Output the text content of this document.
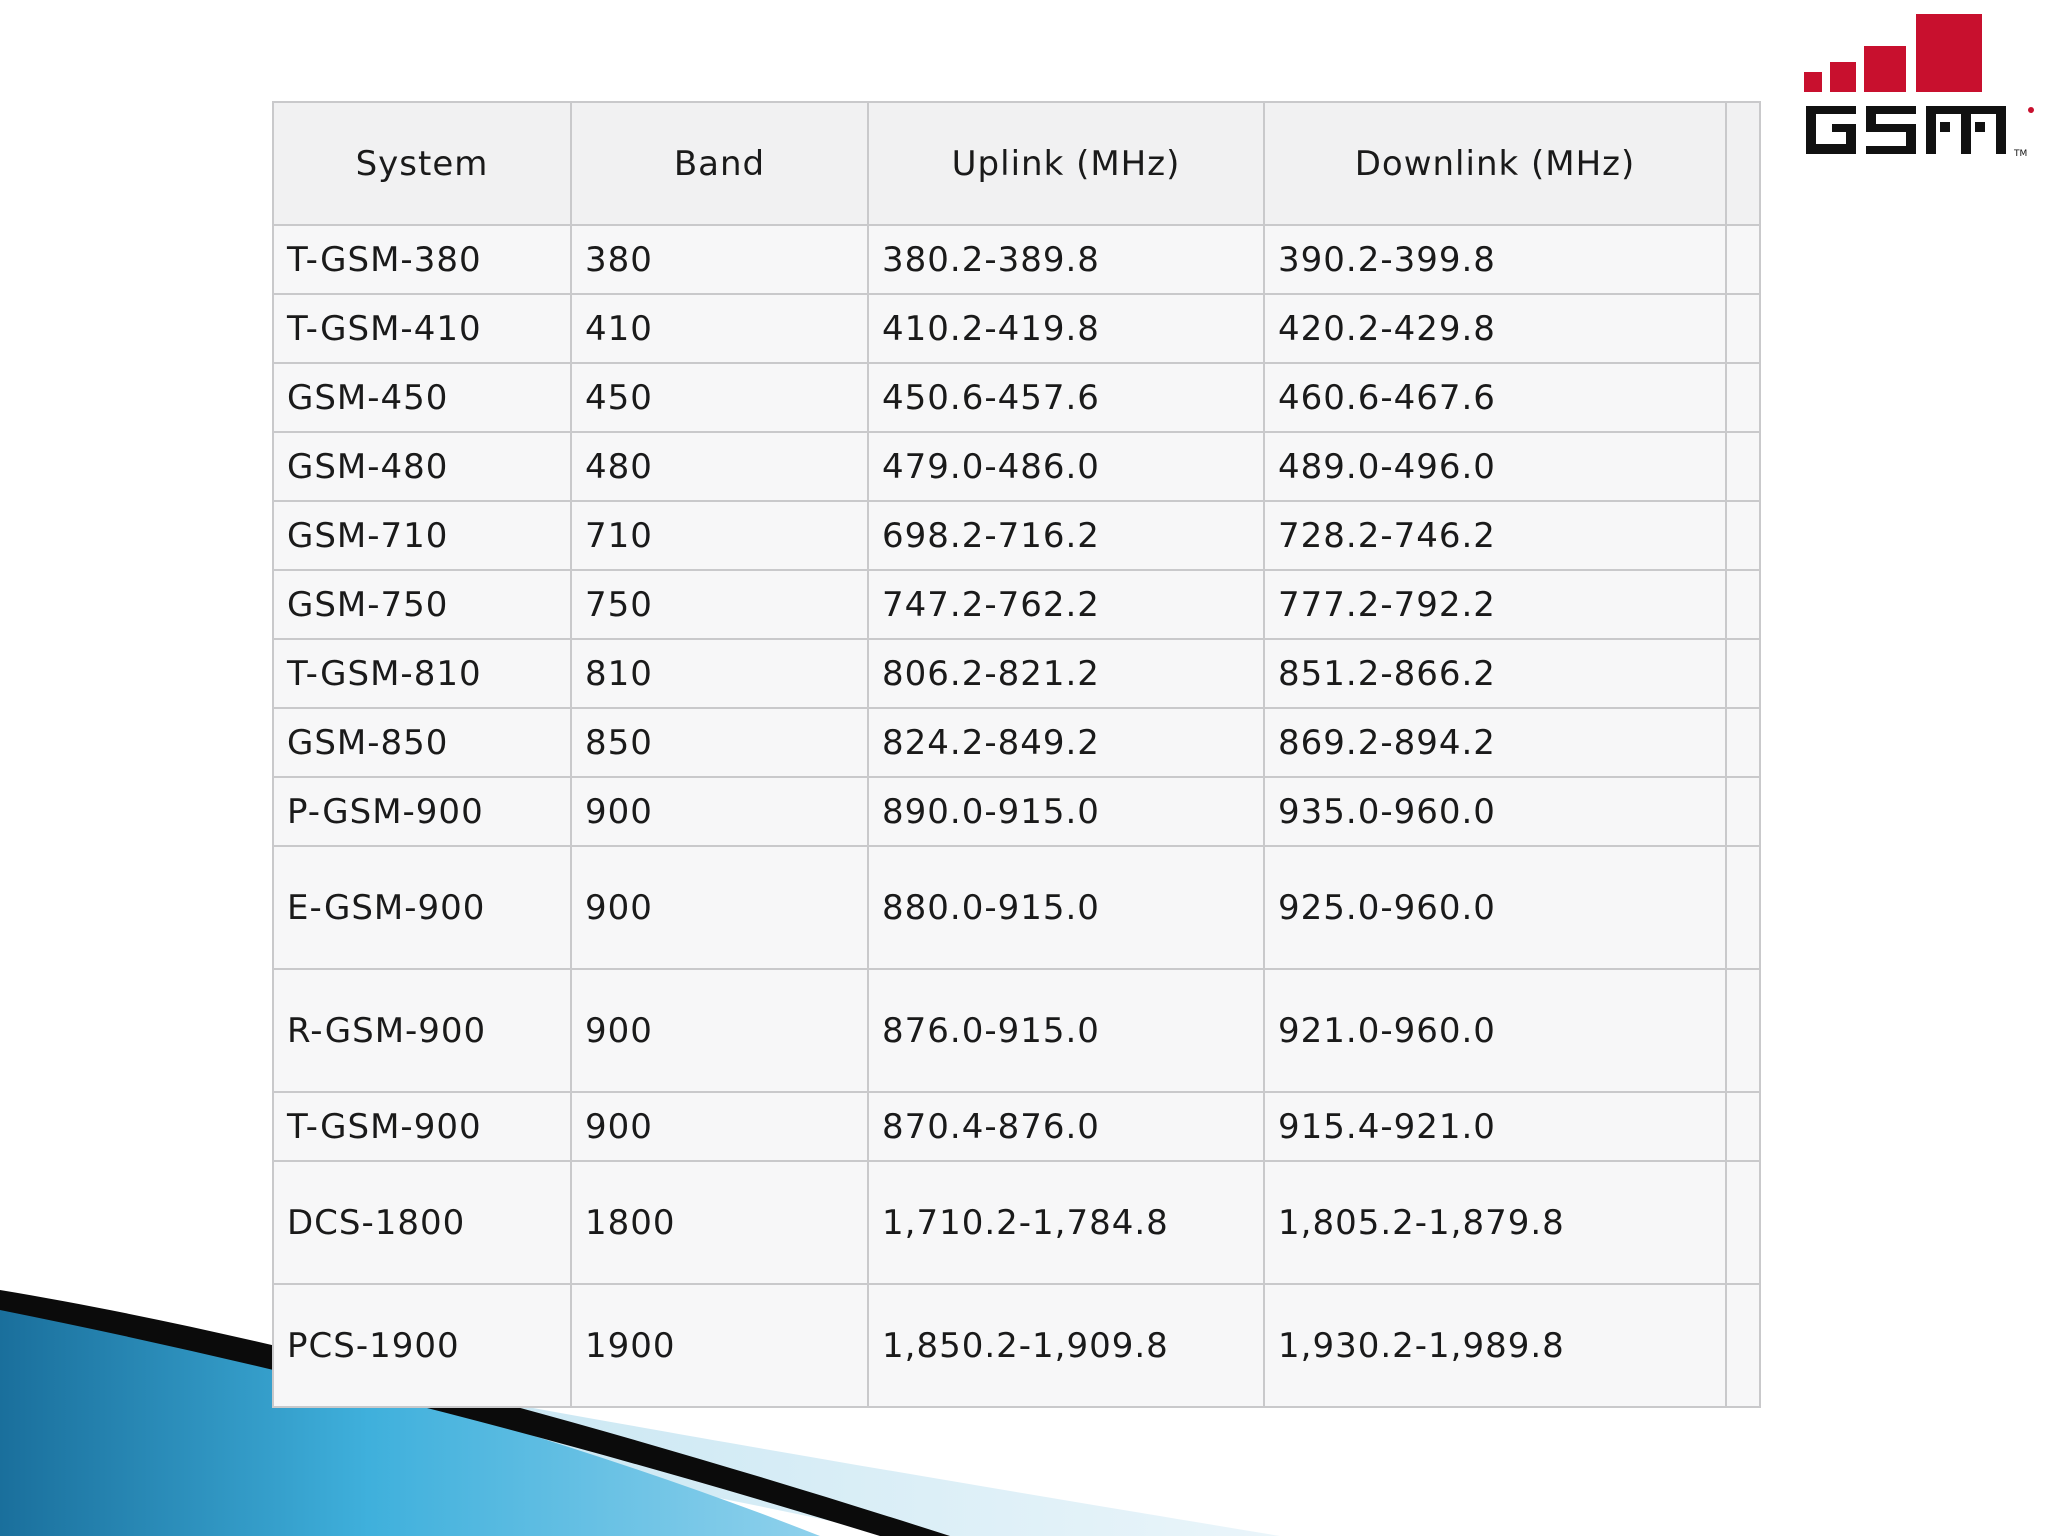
TM
System	Band	Uplink (MHz)	Downlink (MHz)	
T-GSM-380	380	380.2-389.8	390.2-399.8	
T-GSM-410	410	410.2-419.8	420.2-429.8	
GSM-450	450	450.6-457.6	460.6-467.6	
GSM-480	480	479.0-486.0	489.0-496.0	
GSM-710	710	698.2-716.2	728.2-746.2	
GSM-750	750	747.2-762.2	777.2-792.2	
T-GSM-810	810	806.2-821.2	851.2-866.2	
GSM-850	850	824.2-849.2	869.2-894.2	
P-GSM-900	900	890.0-915.0	935.0-960.0	
E-GSM-900	900	880.0-915.0	925.0-960.0	
R-GSM-900	900	876.0-915.0	921.0-960.0	
T-GSM-900	900	870.4-876.0	915.4-921.0	
DCS-1800	1800	1,710.2-1,784.8	1,805.2-1,879.8	
PCS-1900	1900	1,850.2-1,909.8	1,930.2-1,989.8	
